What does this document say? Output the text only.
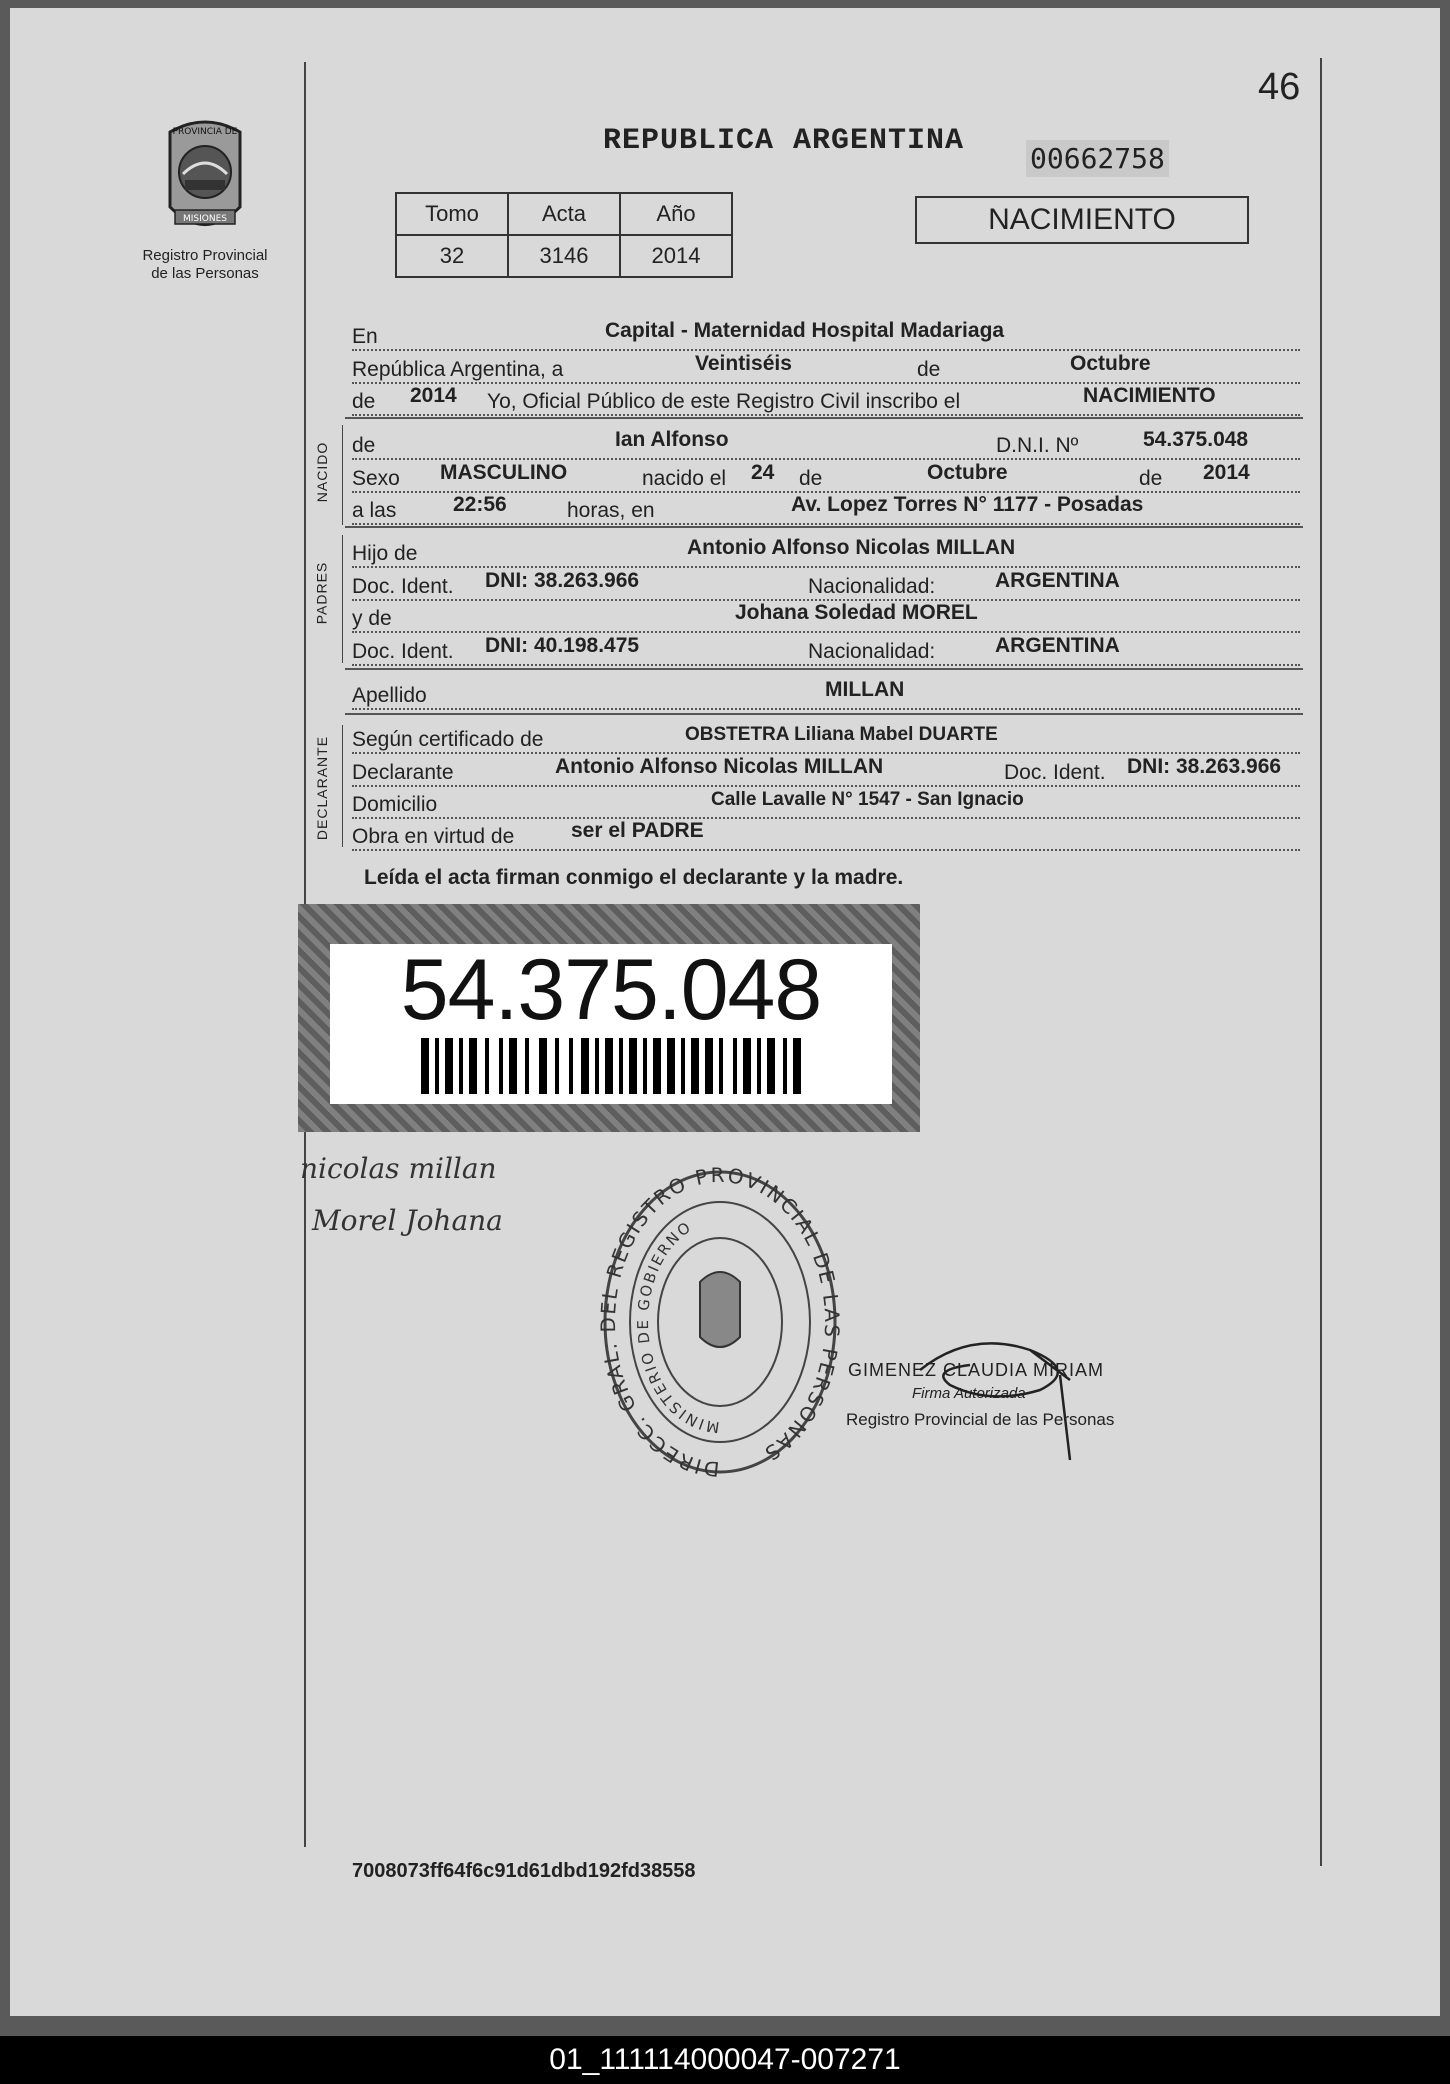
46
REPUBLICA ARGENTINA
00662758
NACIMIENTO
PROVINCIA DE
MISIONES
Registro Provincial
de las Personas
Tomo	Acta	Año
32	3146	2014
En	Capital - Maternidad Hospital Madariaga
República Argentina, a	Veintiséis	de	Octubre
de 2014 Yo, Oficial Público de este Registro Civil inscribo el	NACIMIENTO
NACIDO de	Ian Alfonso	D.N.I. Nº	54.375.048
Sexo MASCULINO	nacido el 24 de	Octubre	de 2014
a las	22:56	horas, en	Av. Lopez Torres N° 1177 - Posadas
PADRES
Hijo de	Antonio Alfonso Nicolas MILLAN
Doc. Ident. DNI: 38.263.966	Nacionalidad:	ARGENTINA
y de	Johana Soledad MOREL
Doc. Ident. DNI: 40.198.475	Nacionalidad:	ARGENTINA
Apellido	MILLAN
DECLARANTE Según certificado de	OBSTETRA Liliana Mabel DUARTE
Declarante	Antonio Alfonso Nicolas MILLAN	Doc. Ident. DNI: 38.263.966
Domicilio	Calle Lavalle N° 1547 - San Ignacio
Obra en virtud de	ser el PADRE
Leída el acta firman conmigo el declarante y la madre.
54.375.048
nicolas millan
Morel Johana
DIRECC. GRAL. DEL REGISTRO PROVINCIAL DE LAS PERSONAS
MINISTERIO DE GOBIERNO
GIMENEZ CLAUDIA MIRIAM
Firma Autorizada
Registro Provincial de las Personas
7008073ff64f6c91d61dbd192fd38558
01_111114000047-007271
